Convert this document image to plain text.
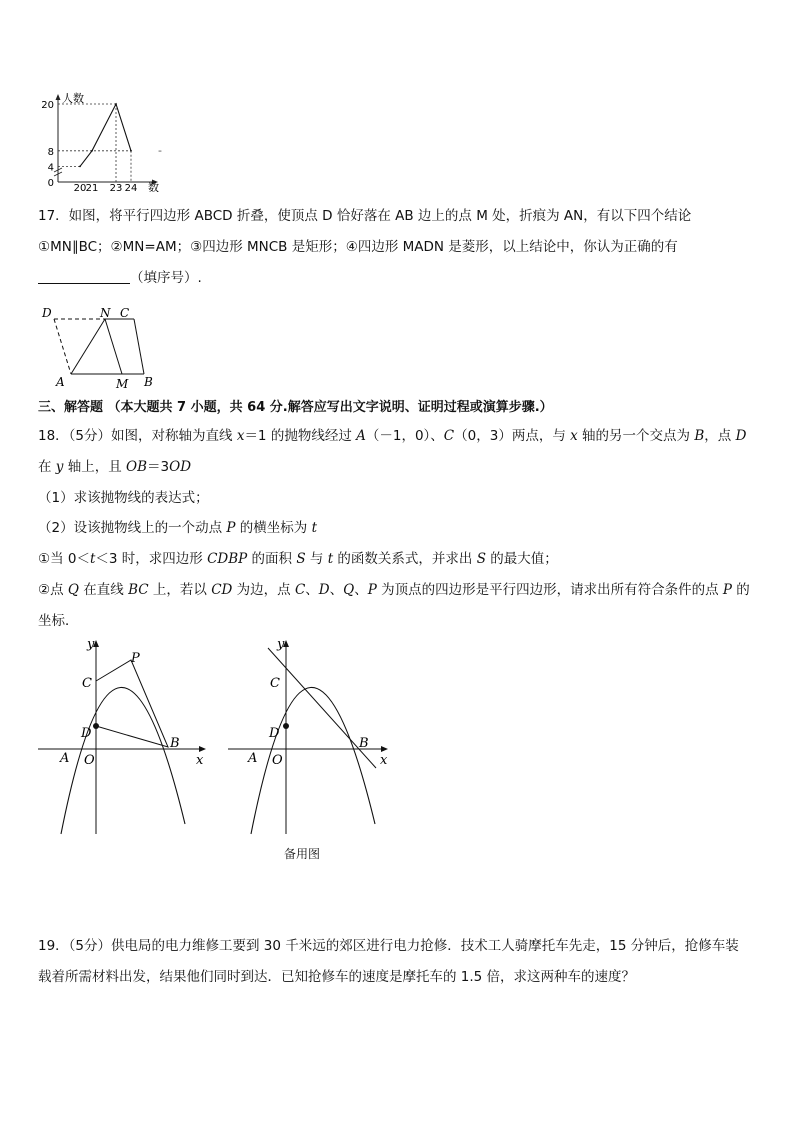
人数
数
20
8
4
0 20 21 23 24
-
17．如图，将平行四边形 ABCD 折叠，使顶点 D 恰好落在 AB 边上的点 M 处，折痕为 AN，有以下四个结论
①MN∥BC；②MN=AM；③四边形 MNCB 是矩形；④四边形 MADN 是菱形，以上结论中，你认为正确的有
（填序号）.
D	N C
A	M B
三、解答题 （本大题共 7 小题，共 64 分.解答应写出文字说明、证明过程或演算步骤.）
18．（5分）如图，对称轴为直线 x＝1 的抛物线经过 A（－1，0）、C（0，3）两点，与 x 轴的另一个交点为 B，点 D
在 y 轴上，且 OB＝3OD
（1）求该抛物线的表达式；
（2）设该抛物线上的一个动点 P 的横坐标为 t
①当 0＜t＜3 时，求四边形 CDBP 的面积 S 与 t 的函数关系式，并求出 S 的最大值；
②点 Q 在直线 BC 上，若以 CD 为边，点 C、D、Q、P 为顶点的四边形是平行四边形，请求出所有符合条件的点 P 的
坐标．
y
x
C
P
D
B
A O
y
x
C
D
B
A O
备用图
19．（5分）供电局的电力维修工要到 30 千米远的郊区进行电力抢修．技术工人骑摩托车先走，15 分钟后，抢修车装
载着所需材料出发，结果他们同时到达．已知抢修车的速度是摩托车的 1.5 倍，求这两种车的速度？
